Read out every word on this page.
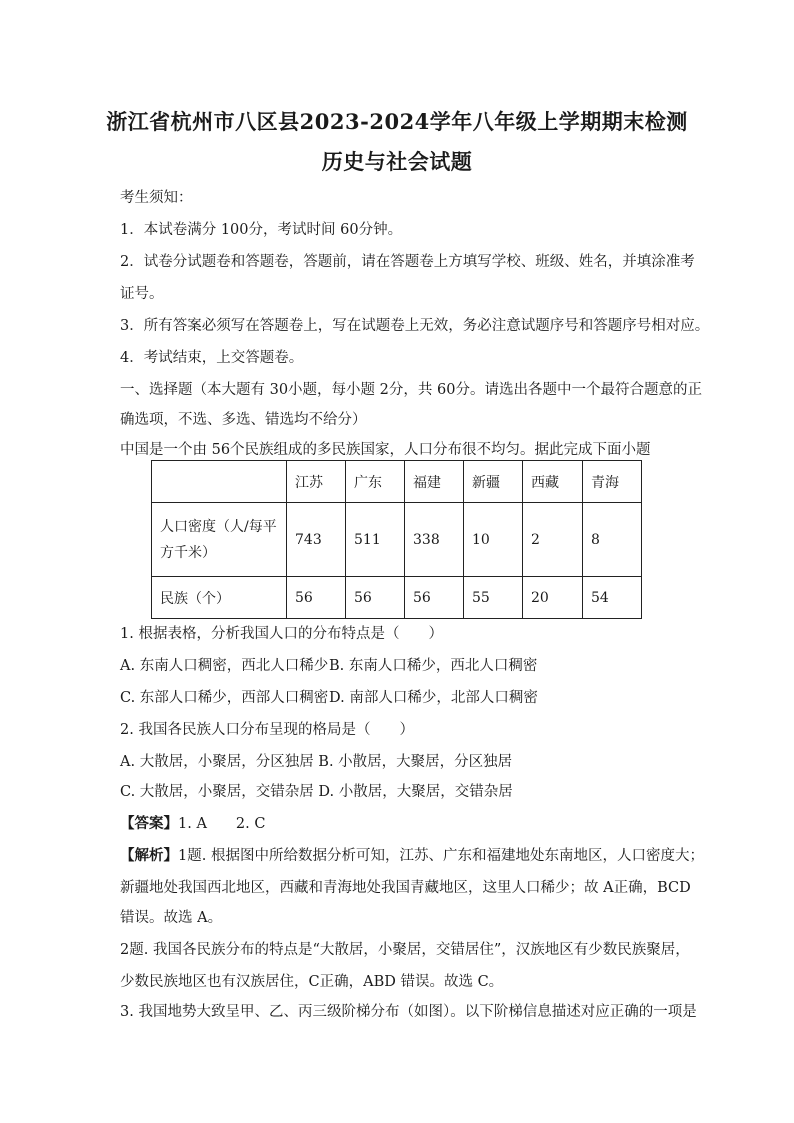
浙江省杭州市八区县2023-2024学年八年级上学期期末检测
历史与社会试题
考生须知：
1．本试卷满分 100分，考试时间 60分钟。
2．试卷分试题卷和答题卷，答题前，请在答题卷上方填写学校、班级、姓名，并填涂准考
证号。
3．所有答案必须写在答题卷上，写在试题卷上无效，务必注意试题序号和答题序号相对应。
4．考试结束，上交答题卷。
一、选择题（本大题有 30小题，每小题 2分，共 60分。请选出各题中一个最符合题意的正
确选项，不选、多选、错选均不给分）
中国是一个由 56个民族组成的多民族国家，人口分布很不均匀。据此完成下面小题
	江苏	广东	福建	新疆	西藏	青海

人口密度（人/每平
方千米）	743	511	338	10	2	8
民族（个）	56	56	56	55	20	54
1. 根据表格，分析我国人口的分布特点是（　　）
A. 东南人口稠密，西北人口稀少B. 东南人口稀少，西北人口稠密
C. 东部人口稀少，西部人口稠密D. 南部人口稀少，北部人口稠密
2. 我国各民族人口分布呈现的格局是（　　）
A. 大散居，小聚居，分区独居 B. 小散居，大聚居，分区独居
C. 大散居，小聚居，交错杂居 D. 小散居，大聚居，交错杂居
【答案】1. A　　2. C
【解析】1题. 根据图中所给数据分析可知，江苏、广东和福建地处东南地区，人口密度大；
新疆地处我国西北地区，西藏和青海地处我国青藏地区，这里人口稀少；故 A正确，BCD
错误。故选 A。
2题. 我国各民族分布的特点是“大散居，小聚居，交错居住”，汉族地区有少数民族聚居，
少数民族地区也有汉族居住，C正确，ABD 错误。故选 C。
3. 我国地势大致呈甲、乙、丙三级阶梯分布（如图）。以下阶梯信息描述对应正确的一项是
